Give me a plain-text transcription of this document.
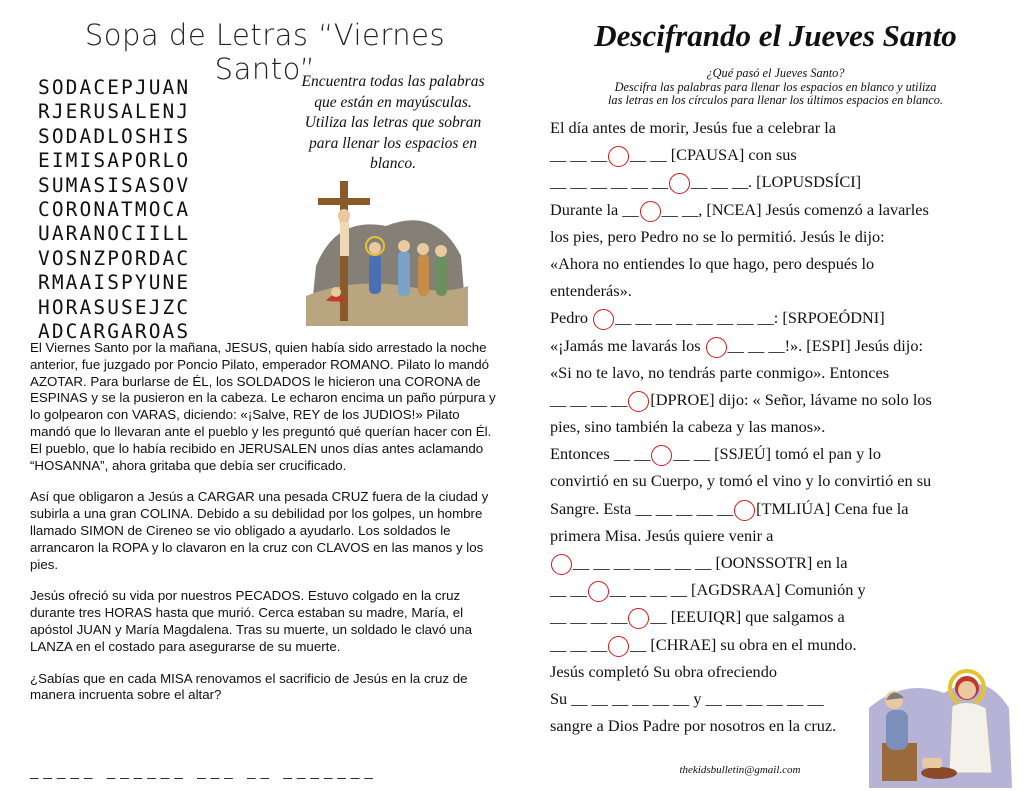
Sopa de Letras “Viernes Santo”
SODACEPJUAN
RJERUSALENJ
SODADLOSHIS
EIMISAPORLO
SUMASISASOV
CORONATMOCA
UARANOCIILL
VOSNZPORDAC
RMAAISPYUNE
HORASUSEJZC
ADCARGAROAS
Encuentra todas las palabras que están en mayúsculas. Utiliza las letras que sobran para llenar los espacios en blanco.

El Viernes Santo por la mañana, JESUS, quien había sido arrestado la noche anterior, fue juzgado por Poncio Pilato, emperador ROMANO. Pilato lo mandó AZOTAR. Para burlarse de ÉL, los SOLDADOS le hicieron una CORONA de ESPINAS y se la pusieron en la cabeza. Le echaron encima un paño púrpura y lo golpearon con VARAS, diciendo: «¡Salve, REY de los JUDIOS!» Pilato mandó que lo llevaran ante el pueblo y les preguntó qué querían hacer con Él. El pueblo, que lo había recibido en JERUSALEN unos días antes aclamando “HOSANNA”, ahora gritaba que debía ser crucificado.

Así que obligaron a Jesús a CARGAR una pesada CRUZ fuera de la ciudad y subirla a una gran COLINA. Debido a su debilidad por los golpes, un hombre llamado SIMON de Cireneo se vio obligado a ayudarlo. Los soldados le arrancaron la ROPA y lo clavaron en la cruz con CLAVOS en las manos y los pies.

Jesús ofreció su vida por nuestros PECADOS. Estuvo colgado en la cruz durante tres HORAS hasta que murió. Cerca estaban su madre, María, el apóstol JUAN y María Magdalena. Tras su muerte, un soldado le clavó una LANZA en el costado para asegurarse de su muerte.

¿Sabías que en cada MISA renovamos el sacrificio de Jesús en la cruz de manera incruenta sobre el altar?

_ _ _ _ _   _ _ _ _ _ _   _ _ _   _ _   _ _ _ _ _ _ _
Descifrando el Jueves Santo
¿Qué pasó el Jueves Santo?
Descifra las palabras para llenar los espacios en blanco y utiliza
las letras en los círculos para llenar los últimos espacios en blanco.
El día antes de morir, Jesús fue a celebrar la
__ __ __ __ __ [CPAUSA] con sus
__ __ __ __ __ __ __ __ __. [LOPUSDSÍCI]
Durante la __ __ __, [NCEA] Jesús comenzó a lavarles
los pies, pero Pedro no se lo permitió. Jesús le dijo:
«Ahora no entiendes lo que hago, pero después lo
entenderás».
Pedro __ __ __ __ __ __ __ __: [SRPOEÓDNI]
«¡Jamás me lavarás los __ __ __!». [ESPI] Jesús dijo:
«Si no te lavo, no tendrás parte conmigo». Entonces
__ __ __ __ [DPROE] dijo: « Señor, lávame no solo los
pies, sino también la cabeza y las manos».
Entonces __ __ __ __ [SSJEÚ] tomó el pan y lo
convirtió en su Cuerpo, y tomó el vino y lo convirtió en su
Sangre. Esta __ __ __ __ __ [TMLIÚA] Cena fue la
primera Misa. Jesús quiere venir a
__ __ __ __ __ __ __ [OONSSOTR] en la
__ __ __ __ __ __ [AGDSRAA] Comunión y
__ __ __ __ __ [EEUIQR] que salgamos a
__ __ __ __ [CHRAE] su obra en el mundo.
Jesús completó Su obra ofreciendo
Su __ __ __ __ __ __ y __ __ __ __ __ __
sangre a Dios Padre por nosotros en la cruz.
thekidsbulletin@gmail.com
